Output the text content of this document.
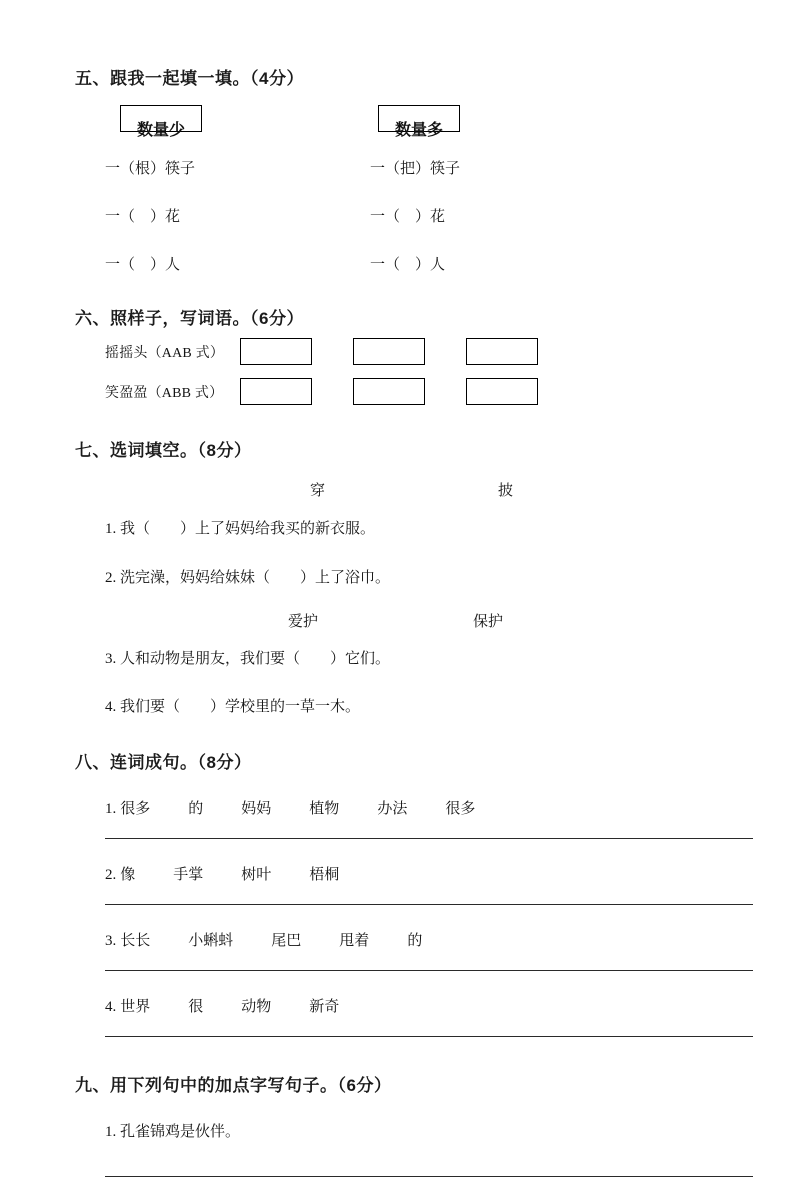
五、跟我一起填一填。（4分）
数量少	数量多
一（根）筷子	一（把）筷子
一（　）花	一（　）花
一（　）人	一（　）人
六、照样子，写词语。（6分）
摇摇头（AAB 式）
笑盈盈（ABB 式）
七、选词填空。（8分）
穿	披
1. 我（　　）上了妈妈给我买的新衣服。
2. 洗完澡，妈妈给妹妹（　　）上了浴巾。
爱护	保护
3. 人和动物是朋友，我们要（　　）它们。
4. 我们要（　　）学校里的一草一木。
八、连词成句。（8分）
1. 很多	的	妈妈	植物	办法	很多
2. 像	手掌	树叶	梧桐
3. 长长	小蝌蚪	尾巴	甩着	的
4. 世界	很	动物	新奇
九、用下列句中的加点字写句子。（6分）
1. 孔雀锦鸡是伙伴。
